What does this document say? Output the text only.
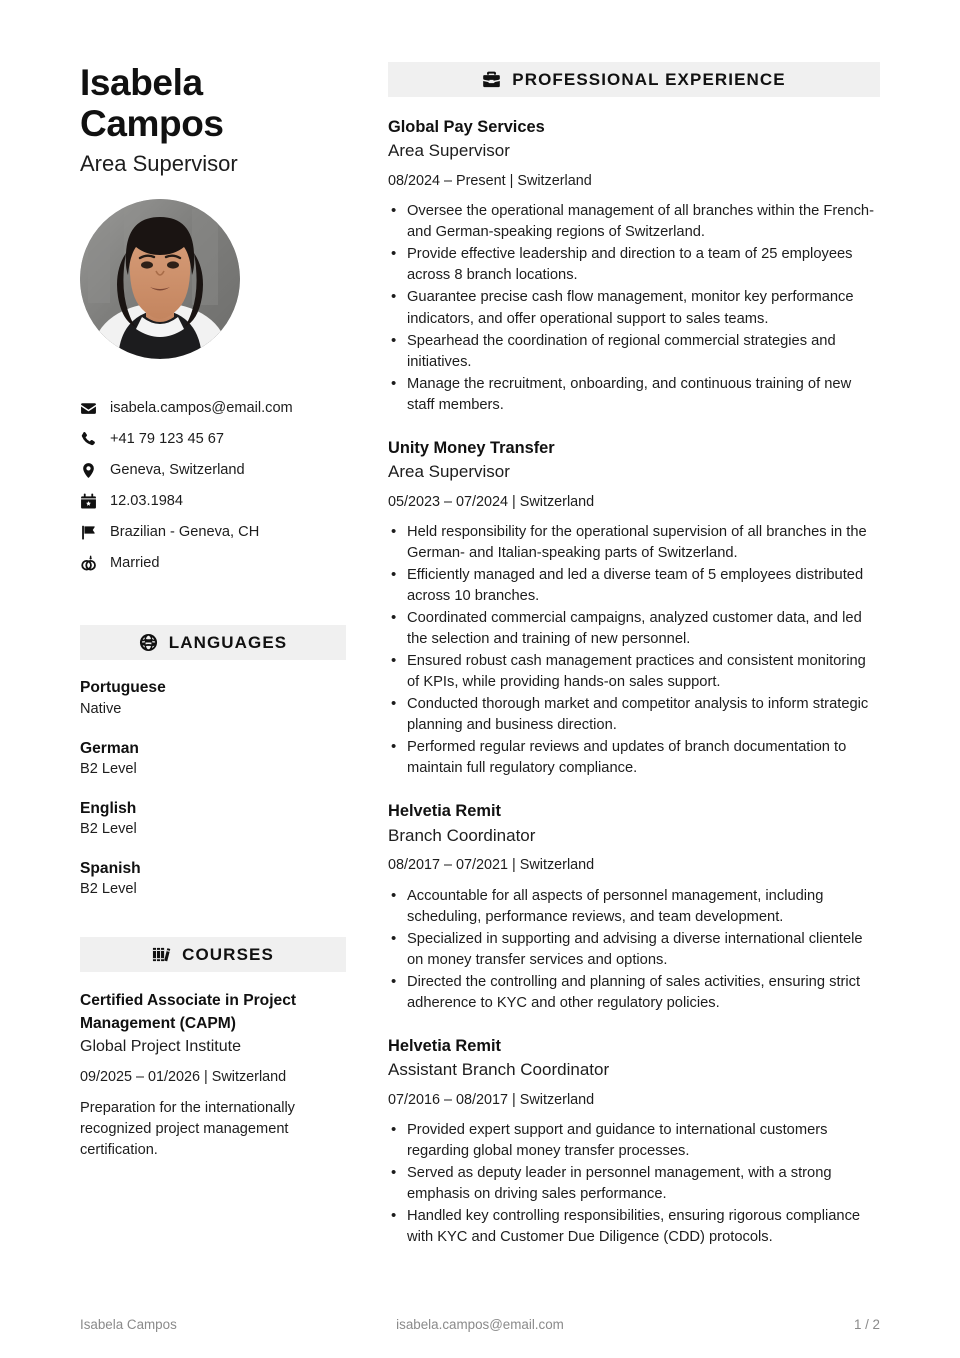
Isabela Campos
Area Supervisor
isabela.campos@email.com
+41 79 123 45 67
Geneva, Switzerland
12.03.1984
Brazilian - Geneva, CH
Married
LANGUAGES
Portuguese
Native
German
B2 Level
English
B2 Level
Spanish
B2 Level
COURSES
Certified Associate in Project Management (CAPM)
Global Project Institute
09/2025 – 01/2026 | Switzerland
Preparation for the internationally recognized project management certification.
PROFESSIONAL EXPERIENCE
Global Pay Services
Area Supervisor
08/2024 – Present | Switzerland
• Oversee the operational management of all branches within the French- and German-speaking regions of Switzerland.
• Provide effective leadership and direction to a team of 25 employees across 8 branch locations.
• Guarantee precise cash flow management, monitor key performance indicators, and offer operational support to sales teams.
• Spearhead the coordination of regional commercial strategies and initiatives.
• Manage the recruitment, onboarding, and continuous training of new staff members.
Unity Money Transfer
Area Supervisor
05/2023 – 07/2024 | Switzerland
• Held responsibility for the operational supervision of all branches in the German- and Italian-speaking parts of Switzerland.
• Efficiently managed and led a diverse team of 5 employees distributed across 10 branches.
• Coordinated commercial campaigns, analyzed customer data, and led the selection and training of new personnel.
• Ensured robust cash management practices and consistent monitoring of KPIs, while providing hands-on sales support.
• Conducted thorough market and competitor analysis to inform strategic planning and business direction.
• Performed regular reviews and updates of branch documentation to maintain full regulatory compliance.
Helvetia Remit
Branch Coordinator
08/2017 – 07/2021 | Switzerland
• Accountable for all aspects of personnel management, including scheduling, performance reviews, and team development.
• Specialized in supporting and advising a diverse international clientele on money transfer services and options.
• Directed the controlling and planning of sales activities, ensuring strict adherence to KYC and other regulatory policies.
Helvetia Remit
Assistant Branch Coordinator
07/2016 – 08/2017 | Switzerland
• Provided expert support and guidance to international customers regarding global money transfer processes.
• Served as deputy leader in personnel management, with a strong emphasis on driving sales performance.
• Handled key controlling responsibilities, ensuring rigorous compliance with KYC and Customer Due Diligence (CDD) protocols.
Isabela Campos	isabela.campos@email.com	1 / 2
